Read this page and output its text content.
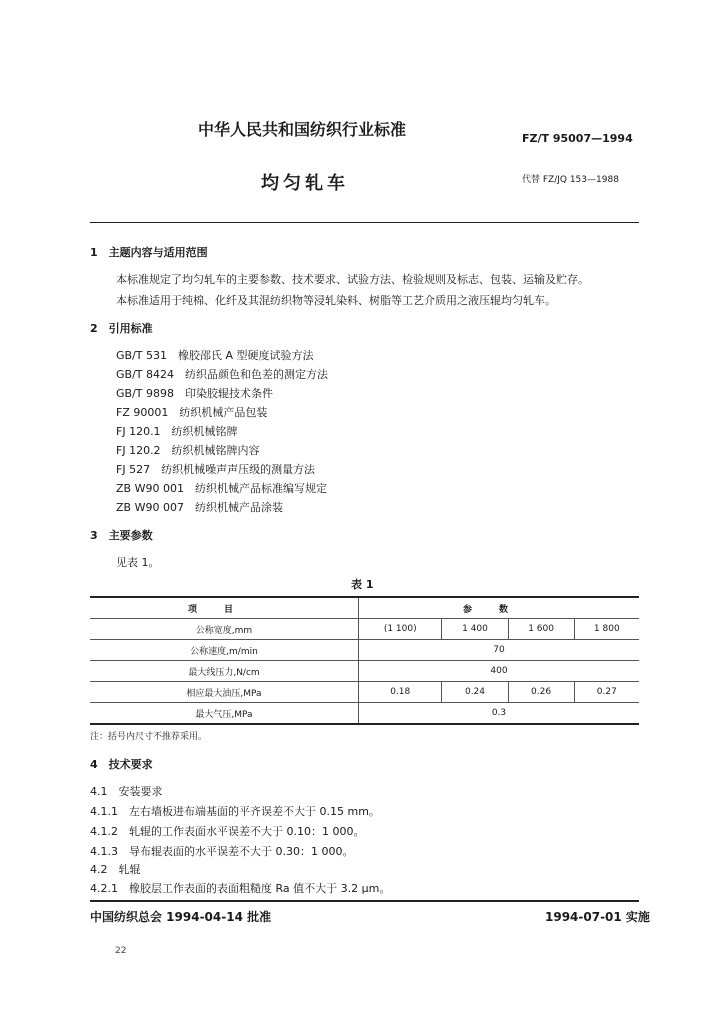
中华人民共和国纺织行业标准	FZ/T 95007—1994
均匀轧车	代替 FZ/JQ 153—1988
1　主题内容与适用范围
本标准规定了均匀轧车的主要参数、技术要求、试验方法、检验规则及标志、包装、运输及贮存。
本标准适用于纯棉、化纤及其混纺织物等浸轧染料、树脂等工艺介质用之液压辊均匀轧车。
2　引用标准
GB/T 531　橡胶邵氏 A 型硬度试验方法
GB/T 8424　纺织品颜色和色差的测定方法
GB/T 9898　印染胶辊技术条件
FZ 90001　纺织机械产品包装
FJ 120.1　纺织机械铭牌
FJ 120.2　纺织机械铭牌内容
FJ 527　纺织机械噪声声压级的测量方法
ZB W90 001　纺织机械产品标准编写规定
ZB W90 007　纺织机械产品涂装
3　主要参数
见表 1。
表 1
项目	参数			
公称宽度,mm	(1 100)	1 400	1 600	1 800
公称速度,m/min	70			
最大线压力,N/cm	400			
相应最大油压,MPa	0.18	0.24	0.26	0.27
最大气压,MPa	0.3			
注：括号内尺寸不推荐采用。
4　技术要求
4.1　安装要求
4.1.1　左右墙板进布端基面的平齐误差不大于 0.15 mm。
4.1.2　轧辊的工作表面水平误差不大于 0.10：1 000。
4.1.3　导布辊表面的水平误差不大于 0.30：1 000。
4.2　轧辊
4.2.1　橡胶层工作表面的表面粗糙度 Ra 值不大于 3.2 μm。
中国纺织总会 1994-04-14 批准	1994-07-01 实施
22
